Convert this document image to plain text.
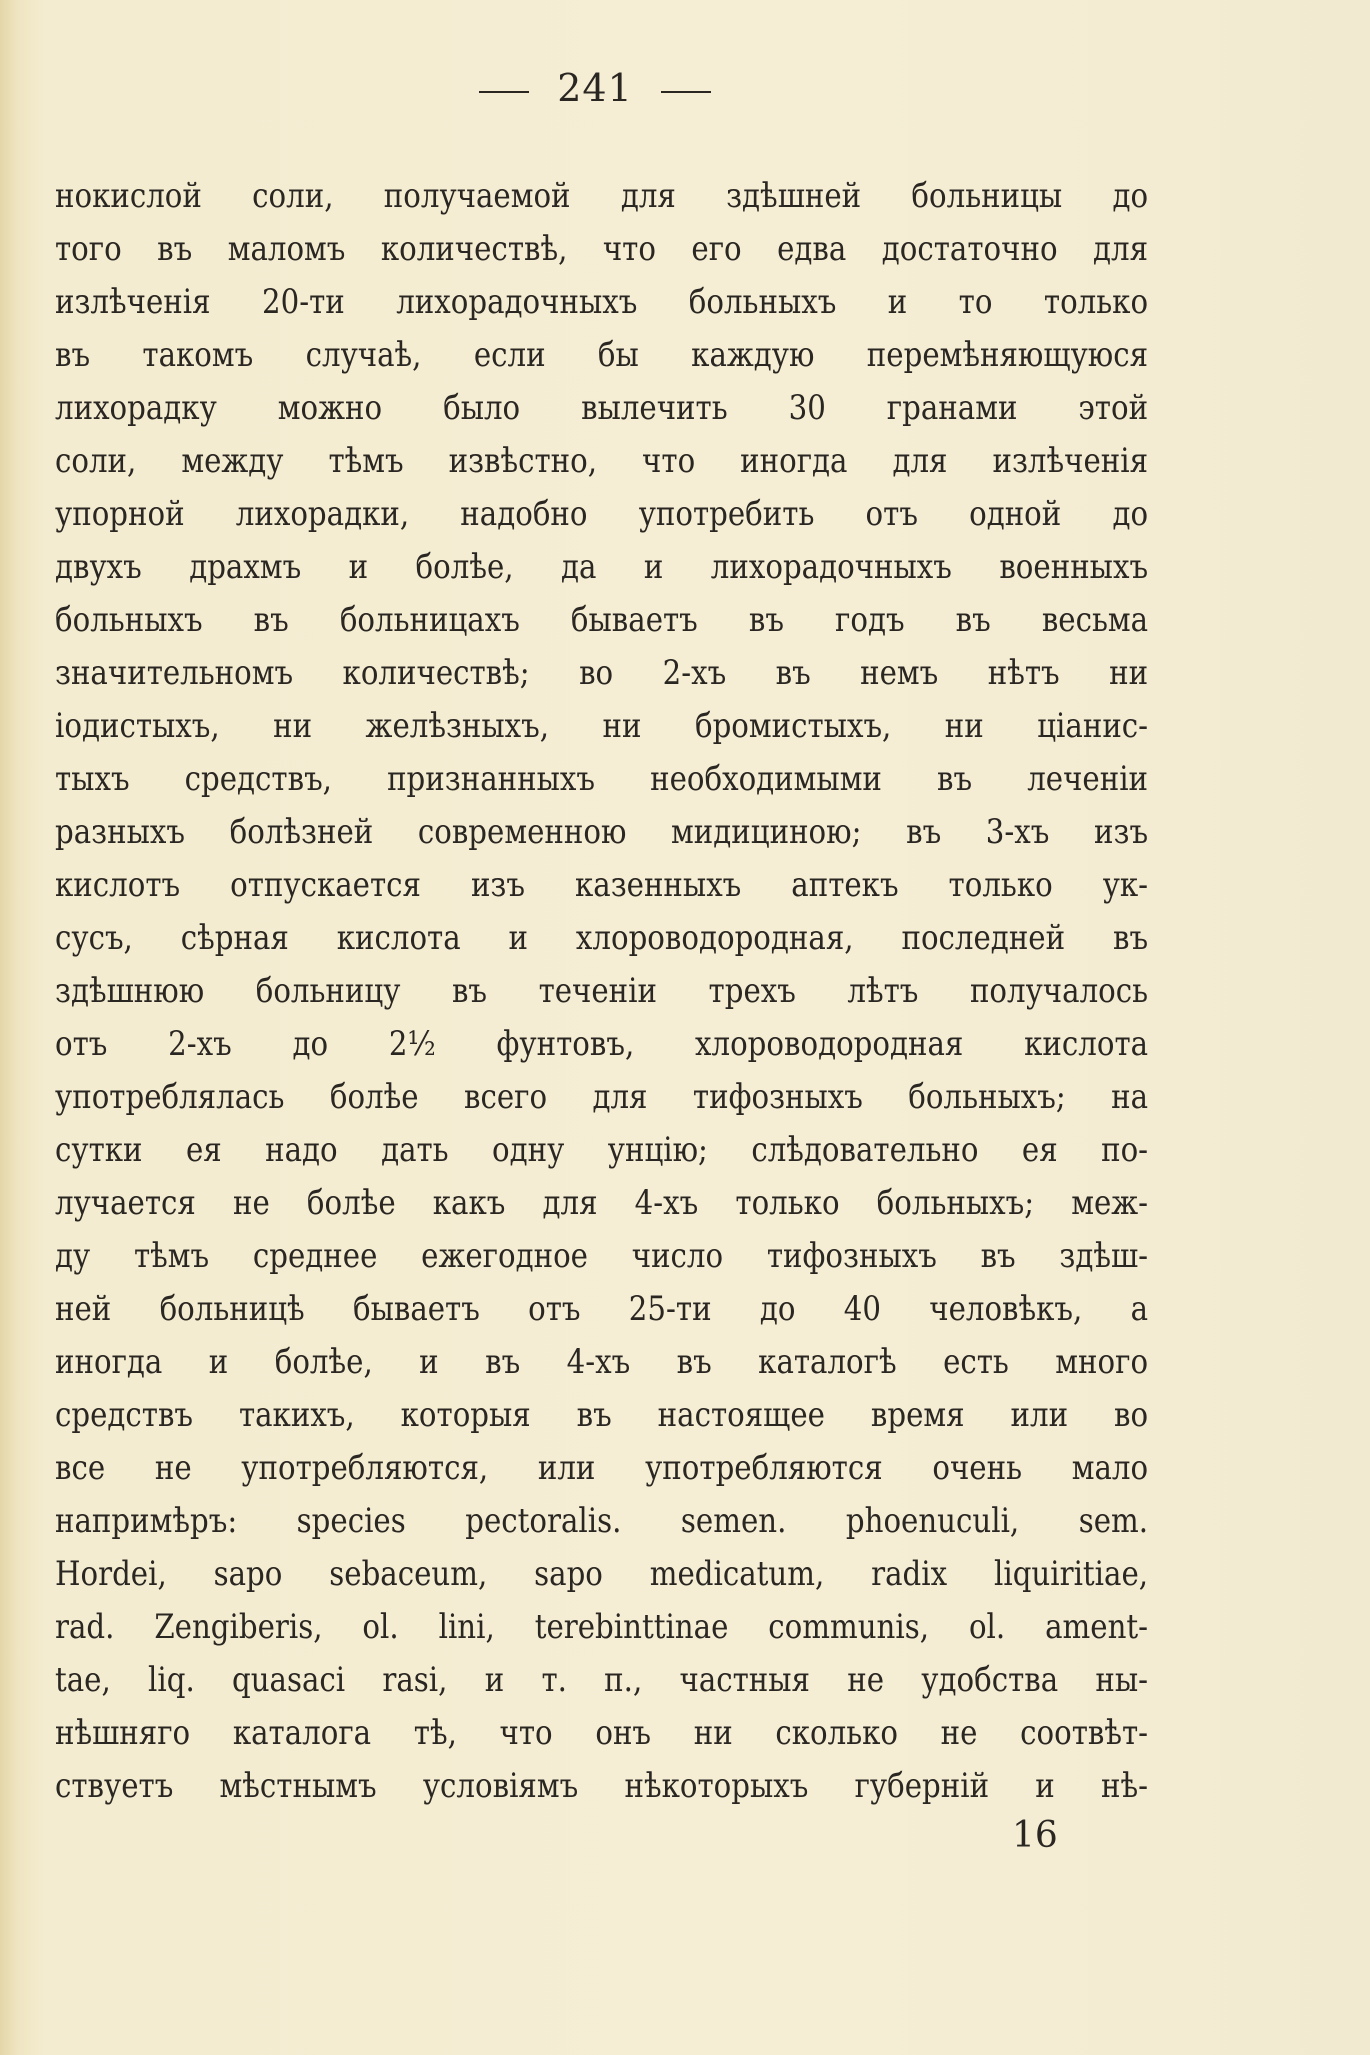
241
нокислой соли, получаемой для здѣшней больницы до
того въ маломъ количествѣ, что его едва достаточно для
излѣченія 20-ти лихорадочныхъ больныхъ и то только
въ такомъ случаѣ, если бы каждую перемѣняющуюся
лихорадку можно было вылечить 30 гранами этой
соли, между тѣмъ извѣстно, что иногда для излѣченія
упорной лихорадки, надобно употребить отъ одной до
двухъ драхмъ и болѣе, да и лихорадочныхъ военныхъ
больныхъ въ больницахъ бываетъ въ годъ въ весьма
значительномъ количествѣ; во 2-хъ въ немъ нѣтъ ни
іодистыхъ, ни желѣзныхъ, ни бромистыхъ, ни ціанис-
тыхъ средствъ, признанныхъ необходимыми въ леченіи
разныхъ болѣзней современною мидициною; въ 3-хъ изъ
кислотъ отпускается изъ казенныхъ аптекъ только ук-
сусъ, сѣрная кислота и хлороводородная, последней въ
здѣшнюю больницу въ теченіи трехъ лѣтъ получалось
отъ 2-хъ до 2½ фунтовъ, хлороводородная кислота
употреблялась болѣе всего для тифозныхъ больныхъ; на
сутки ея надо дать одну унцію; слѣдовательно ея по-
лучается не болѣе какъ для 4-хъ только больныхъ; меж-
ду тѣмъ среднее ежегодное число тифозныхъ въ здѣш-
ней больницѣ бываетъ отъ 25-ти до 40 человѣкъ, а
иногда и болѣе, и въ 4-хъ въ каталогѣ есть много
средствъ такихъ, которыя въ настоящее время или во
все не употребляются, или употребляются очень мало
напримѣръ: species pectoralis. semen. phoenuculi, sem.
Hordei, sapo sebaceum, sapo medicatum, radix liquiritiae,
rad. Zengiberis, ol. lini, terebinttinae communis, ol. ament-
tae, liq. quasaci rasi, и т. п., частныя не удобства ны-
нѣшняго каталога тѣ, что онъ ни сколько не соотвѣт-
ствуетъ мѣстнымъ условіямъ нѣкоторыхъ губерній и нѣ-
16
